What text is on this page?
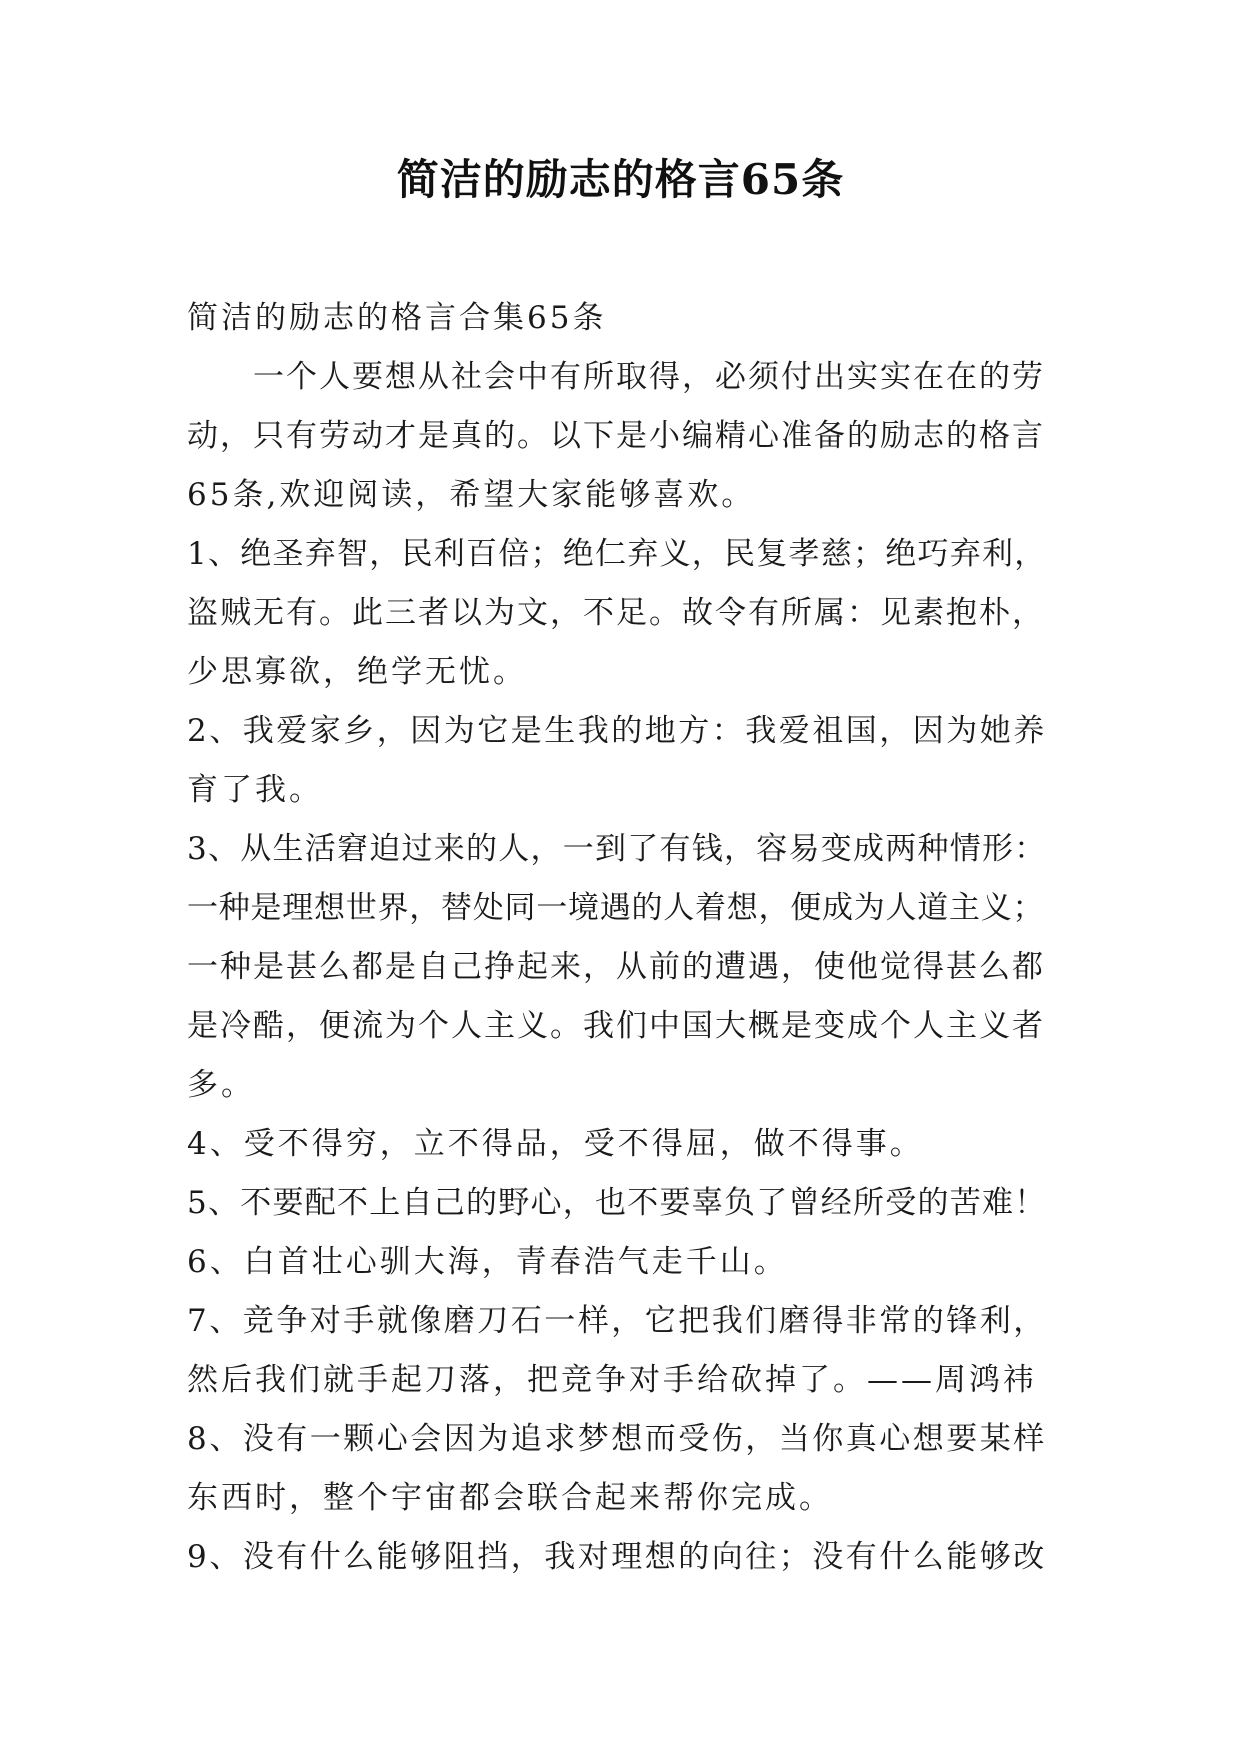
简洁的励志的格言65条
简洁的励志的格言合集65条
一个人要想从社会中有所取得，必须付出实实在在的劳
动，只有劳动才是真的。以下是小编精心准备的励志的格言
65条,欢迎阅读，希望大家能够喜欢。
1、绝圣弃智，民利百倍；绝仁弃义，民复孝慈；绝巧弃利，
盗贼无有。此三者以为文，不足。故令有所属：见素抱朴，
少思寡欲，绝学无忧。
2、我爱家乡，因为它是生我的地方：我爱祖国，因为她养
育了我。
3、从生活窘迫过来的人，一到了有钱，容易变成两种情形：
一种是理想世界，替处同一境遇的人着想，便成为人道主义；
一种是甚么都是自己挣起来，从前的遭遇，使他觉得甚么都
是冷酷，便流为个人主义。我们中国大概是变成个人主义者
多。
4、受不得穷，立不得品，受不得屈，做不得事。
5、不要配不上自己的野心，也不要辜负了曾经所受的苦难！
6、白首壮心驯大海，青春浩气走千山。
7、竞争对手就像磨刀石一样，它把我们磨得非常的锋利，
然后我们就手起刀落，把竞争对手给砍掉了。——周鸿祎
8、没有一颗心会因为追求梦想而受伤，当你真心想要某样
东西时，整个宇宙都会联合起来帮你完成。
9、没有什么能够阻挡，我对理想的向往；没有什么能够改
